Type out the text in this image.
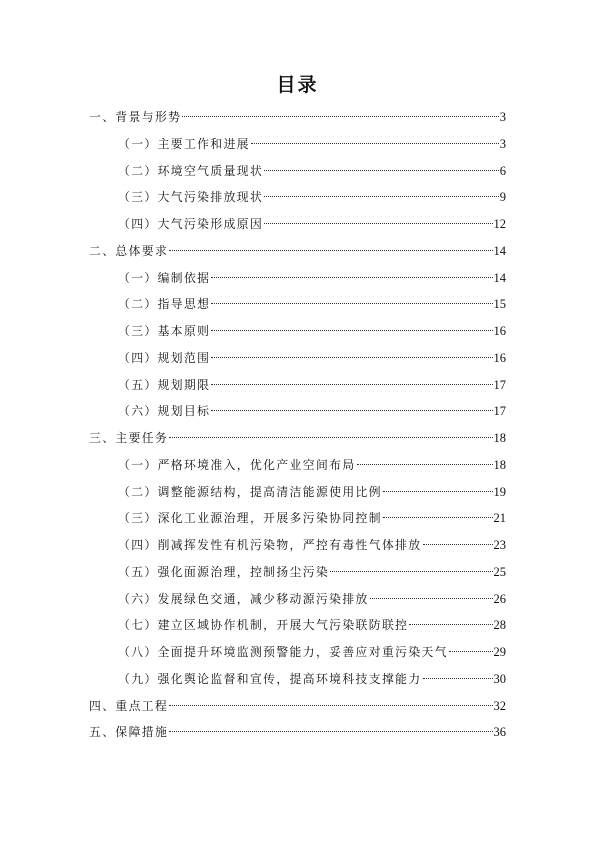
目录
一、背景与形势	3
（一）主要工作和进展	3
（二）环境空气质量现状	6
（三）大气污染排放现状	9
（四）大气污染形成原因	12
二、总体要求	14
（一）编制依据	14
（二）指导思想	15
（三）基本原则	16
（四）规划范围	16
（五）规划期限	17
（六）规划目标	17
三、主要任务	18
（一）严格环境准入，优化产业空间布局	18
（二）调整能源结构，提高清洁能源使用比例	19
（三）深化工业源治理，开展多污染协同控制	21
（四）削减挥发性有机污染物，严控有毒性气体排放	23
（五）强化面源治理，控制扬尘污染	25
（六）发展绿色交通，减少移动源污染排放	26
（七）建立区域协作机制，开展大气污染联防联控	28
（八）全面提升环境监测预警能力，妥善应对重污染天气	29
（九）强化舆论监督和宣传，提高环境科技支撑能力	30
四、重点工程	32
五、保障措施	36
